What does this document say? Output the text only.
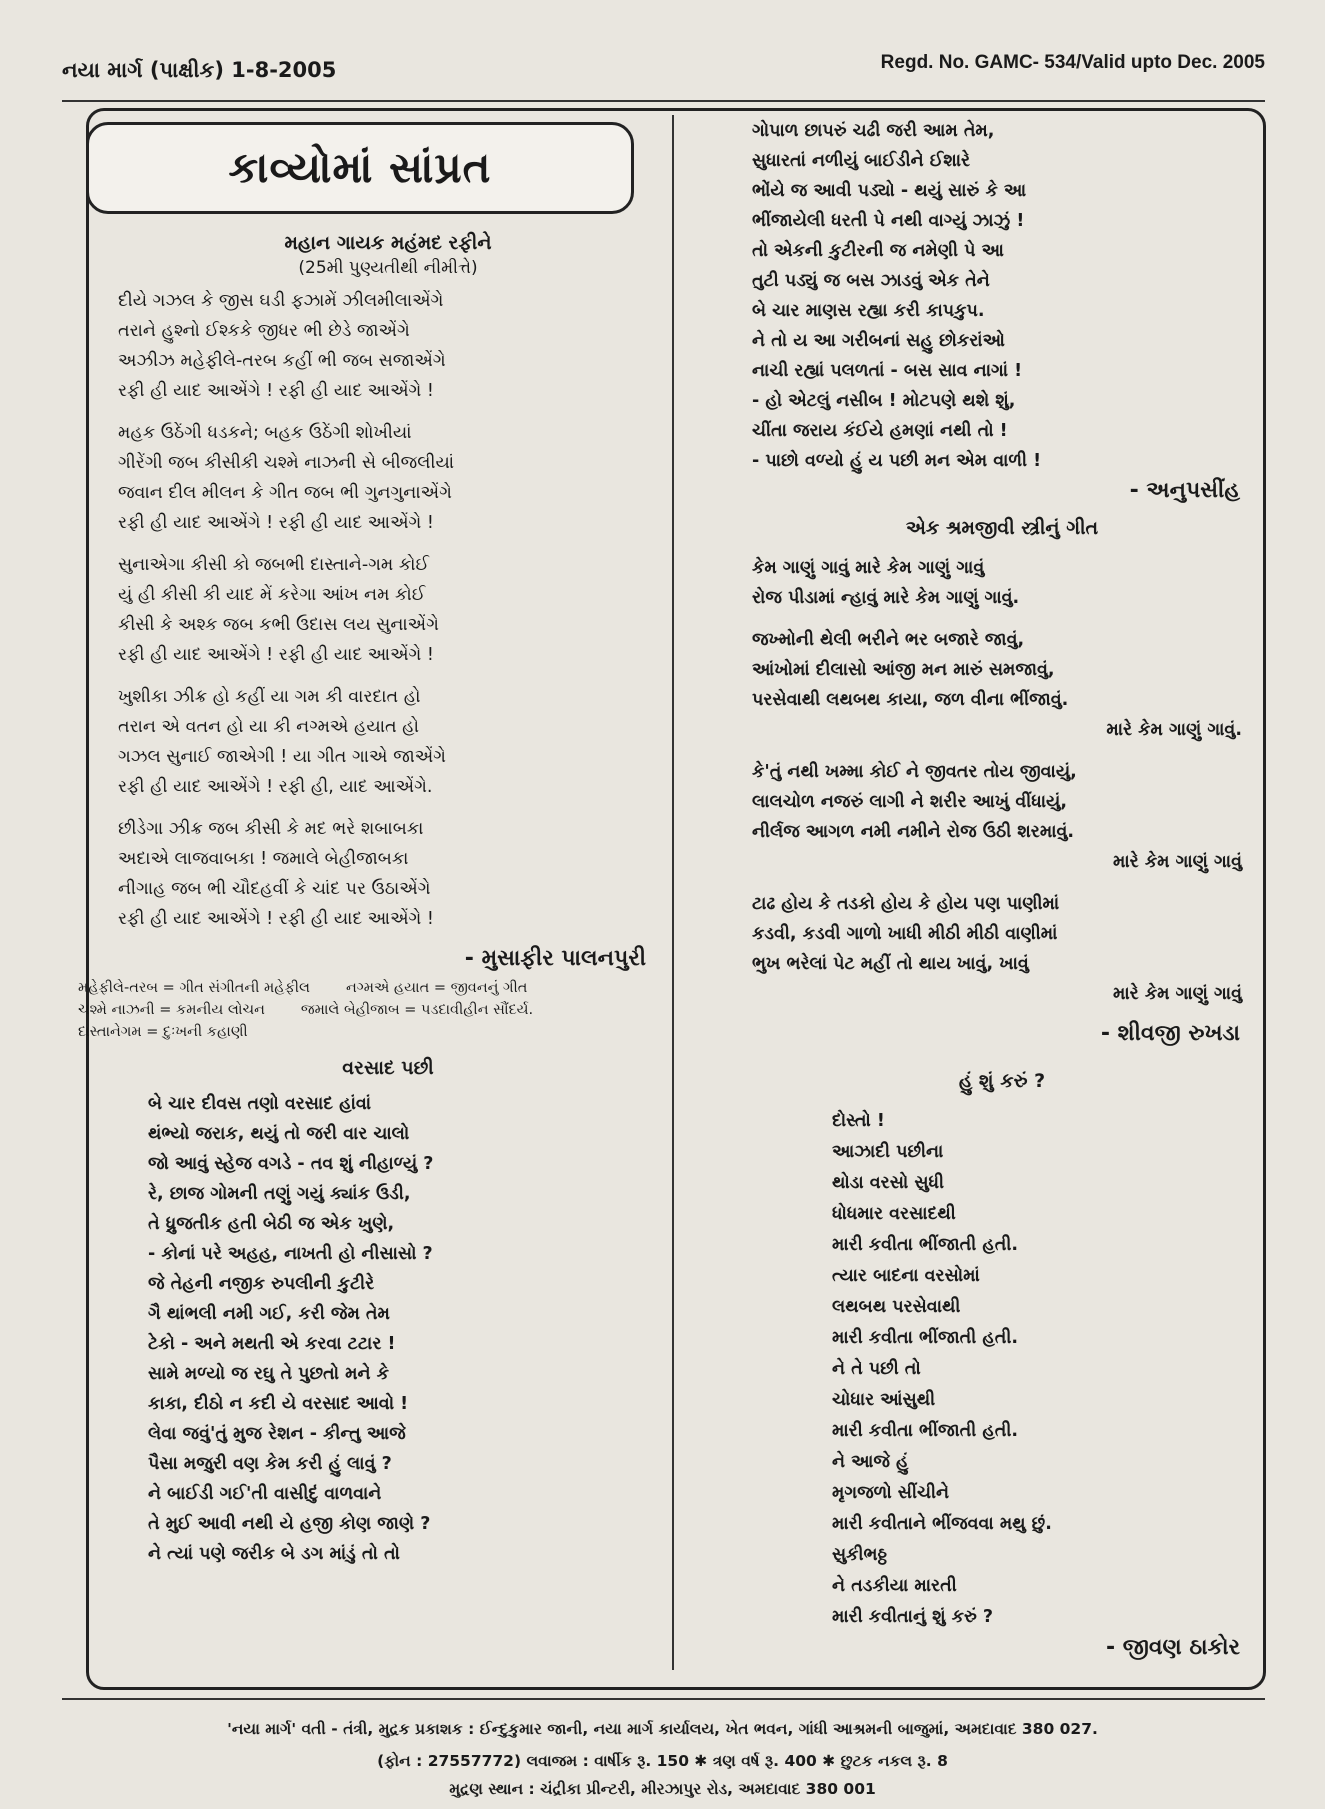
નયા માર્ગ (પાક્ષીક) 1-8-2005	Regd. No. GAMC- 534/Valid upto Dec. 2005
કાવ્યોમાં સાંપ્રત
મહાન ગાયક મહંમદ રફીને
(25મી પુણ્યતીથી નીમીત્તે)
દીયે ગઝલ કે જીસ ઘડી ફઝામેં ઝીલમીલાએંગે
તરાને હુશ્નો ઈશ્કકે જીધર ભી છેડે જાએંગે
અઝીઝ મહેફીલે-તરબ કહીં ભી જબ સજાએંગે
રફી હી યાદ આએંગે ! રફી હી યાદ આએંગે !
મહક ઉઠેંગી ધડકને; બહક ઉઠેંગી શોખીયાં
ગીરેંગી જબ કીસીકી ચશ્મે નાઝની સે બીજલીયાં
જવાન દીલ મીલન કે ગીત જબ ભી ગુનગુનાએંગે
રફી હી યાદ આએંગે ! રફી હી યાદ આએંગે !
સુનાએગા કીસી કો જબભી દાસ્તાને-ગમ કોઈ
યું હી કીસી કી યાદ મેં કરેગા આંખ નમ કોઈ
કીસી કે અશ્ક જબ કભી ઉદાસ લય સુનાએંગે
રફી હી યાદ આએંગે ! રફી હી યાદ આએંગે !
ખુશીકા ઝીક્ર હો કહીં યા ગમ કી વારદાત હો
તરાન એ વતન હો યા કી નગ્મએ હયાત હો
ગઝલ સુનાઈ જાએગી ! યા ગીત ગાએ જાએંગે
રફી હી યાદ આએંગે ! રફી હી, યાદ આએંગે.
છીડેગા ઝીક્ર જબ કીસી કે મદ ભરે શબાબકા
અદાએ લાજવાબકા ! જમાલે બેહીજાબકા
નીગાહ જબ ભી ચૌદહવીં કે ચાંદ પર ઉઠાએંગે
રફી હી યાદ આએંગે ! રફી હી યાદ આએંગે !
- મુસાફીર પાલનપુરી
મહેફીલે-તરબ = ગીત સંગીતની મહેફીલ નગ્મએ હયાત = જીવનનું ગીત
ચશ્મે નાઝની = કમનીય લોચન જમાલે બેહીજાબ = પડદાવીહીન સૌંદર્ય.
દાસ્તાનેગમ = દુઃખની કહાણી
વરસાદ પછી
બે ચાર દીવસ તણો વરસાદ હાંવાં
થંભ્યો જરાક, થયું તો જરી વાર ચાલો
જો આવું સ્હેજ વગડે - તવ શું નીહાળ્યું ?
રે, છાજ ગોમની તણું ગયું ક્યાંક ઉડી,
તે ધ્રુજતીક હતી બેઠી જ એક ખુણે,
- કોનાં પરે અહહ, નાખતી હો નીસાસો ?
જે તેહની નજીક રુપલીની કુટીરે
ગૈ થાંભલી નમી ગઈ, કરી જેમ તેમ
ટેકો - અને મથતી એ કરવા ટટાર !
સામે મળ્યો જ રઘુ તે પુછતો મને કે
કાકા, દીઠો ન કદી યે વરસાદ આવો !
લેવા જવું'તું મુજ રેશન - કીન્તુ આજે
પૈસા મજુરી વણ કેમ કરી હું લાવું ?
ને બાઈડી ગઈ'તી વાસીદું વાળવાને
તે મુઈ આવી નથી યે હજી કોણ જાણે ?
ને ત્યાં પણે જરીક બે ડગ માંડું તો તો
ગોપાળ છાપરું ચઢી જરી આમ તેમ,
સુધારતાં નળીયું બાઈડીને ઈશારે
ભોંયે જ આવી પડ્યો - થયું સારું કે આ
ભીંજાયેલી ધરતી પે નથી વાગ્યું ઝાઝું !
તો એકની કુટીરની જ નમેણી પે આ
તુટી પડ્યું જ બસ ઝાડવું એક તેને
બે ચાર માણસ રહ્યા કરી કાપકુપ.
ને તો ય આ ગરીબનાં સહુ છોકરાંઓ
નાચી રહ્યાં પલળતાં - બસ સાવ નાગાં !
- હો એટલું નસીબ ! મોટપણે થશે શું,
ચીંતા જરાય કંઈયે હમણાં નથી તો !
- પાછો વળ્યો હું ય પછી મન એમ વાળી !
- અનુપસીંહ
એક શ્રમજીવી સ્ત્રીનું ગીત
કેમ ગાણું ગાવું મારે કેમ ગાણું ગાવું
રોજ પીડામાં ન્હાવું મારે કેમ ગાણું ગાવું.
જખ્મોની થેલી ભરીને ભર બજારે જાવું,
આંખોમાં દીલાસો આંજી મન મારું સમજાવું,
પરસેવાથી લથબથ કાયા, જળ વીના ભીંજાવું.
મારે કેમ ગાણું ગાવું.
કે'તું નથી ખમ્મા કોઈ ને જીવતર તોય જીવાયું,
લાલચોળ નજરું લાગી ને શરીર આખું વીંધાયું,
નીર્લજ આગળ નમી નમીને રોજ ઉઠી શરમાવું.
મારે કેમ ગાણું ગાવું
ટાઢ હોય કે તડકો હોય કે હોય પણ પાણીમાં
કડવી, કડવી ગાળો ખાધી મીઠી મીઠી વાણીમાં
ભુખ ભરેલાં પેટ મહીં તો થાય ખાવું, ખાવું
મારે કેમ ગાણું ગાવું
- શીવજી રુખડા
હું શું કરું ?
દોસ્તો !
આઝાદી પછીના
થોડા વરસો સુધી
ધોધમાર વરસાદથી
મારી કવીતા ભીંજાતી હતી.
ત્યાર બાદના વરસોમાં
લથબથ પરસેવાથી
મારી કવીતા ભીંજાતી હતી.
ને તે પછી તો
ચોધાર આંસુથી
મારી કવીતા ભીંજાતી હતી.
ને આજે હું
મૃગજળો સીંચીને
મારી કવીતાને ભીંજવવા મથુ છું.
સુકીભઠ્ઠ
ને તડકીયા મારતી
મારી કવીતાનું શું કરું ?
- જીવણ ઠાકોર
'નયા માર્ગ' વતી - તંત્રી, મુદ્રક પ્રકાશક : ઈન્દુકુમાર જાની, નયા માર્ગ કાર્યાલય, ખેત ભવન, ગાંધી આશ્રમની બાજુમાં, અમદાવાદ 380 027.
(ફોન : 27557772) લવાજમ : વાર્ષીક રૂ. 150 ✱ ત્રણ વર્ષ રૂ. 400 ✱ છુટક નકલ રૂ. 8
મુદ્રણ સ્થાન : ચંદ્રીકા પ્રીન્ટરી, મીરઝાપુર રોડ, અમદાવાદ 380 001
